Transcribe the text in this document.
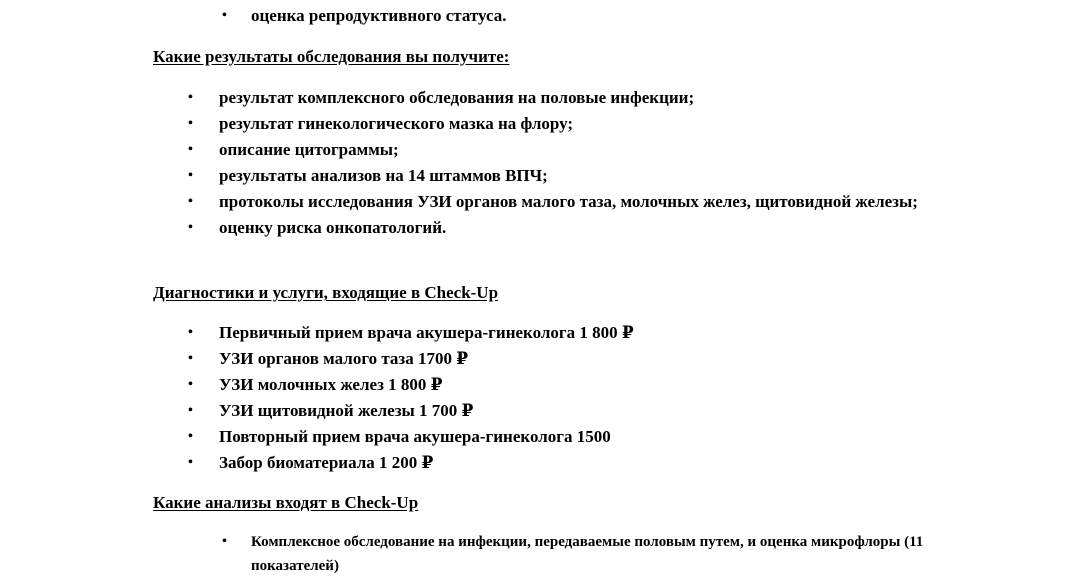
• оценка репродуктивного статуса.
Какие результаты обследования вы получите:
• результат комплексного обследования на половые инфекции;
• результат гинекологического мазка на флору;
• описание цитограммы;
• результаты анализов на 14 штаммов ВПЧ;
• протоколы исследования УЗИ органов малого таза, молочных желез, щитовидной железы;
• оценку риска онкопатологий.
Диагностики и услуги, входящие в Check-Up
• Первичный прием врача акушера-гинеколога 1 800 ₽
• УЗИ органов малого таза 1700 ₽
• УЗИ молочных желез 1 800 ₽
• УЗИ щитовидной железы 1 700 ₽
• Повторный прием врача акушера-гинеколога 1500
• Забор биоматериала 1 200 ₽
Какие анализы входят в Check-Up
• Комплексное обследование на инфекции, передаваемые половым путем, и оценка микрофлоры (11 показателей)
